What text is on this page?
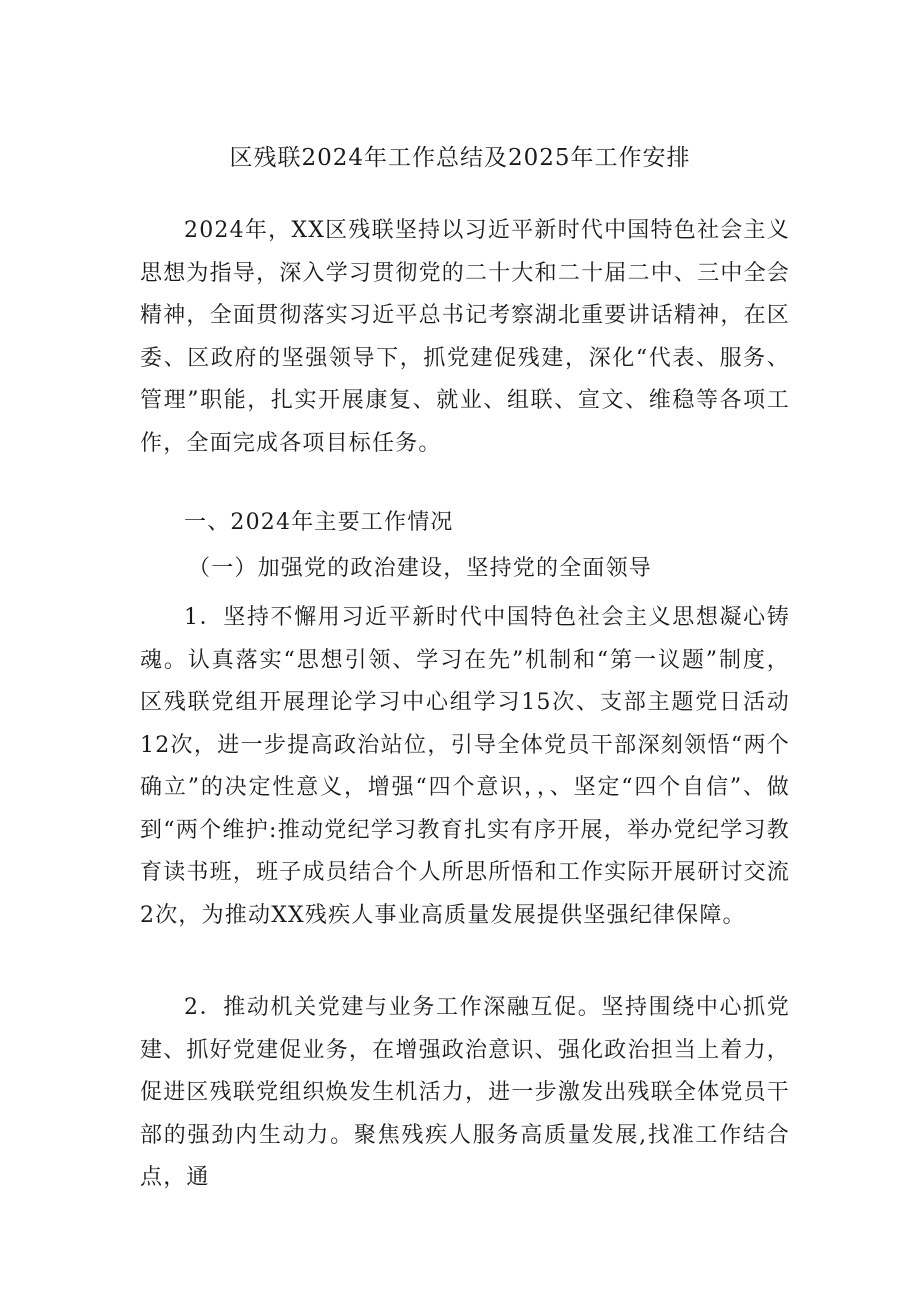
区残联2024年工作总结及2025年工作安排

2024年，XX区残联坚持以习近平新时代中国特色社会主义思想为指导，深入学习贯彻党的二十大和二十届二中、三中全会精神，全面贯彻落实习近平总书记考察湖北重要讲话精神，在区委、区政府的坚强领导下，抓党建促残建，深化“代表、服务、管理”职能，扎实开展康复、就业、组联、宣文、维稳等各项工作，全面完成各项目标任务。

一、2024年主要工作情况
（一）加强党的政治建设，坚持党的全面领导

1．坚持不懈用习近平新时代中国特色社会主义思想凝心铸魂。认真落实“思想引领、学习在先”机制和“第一议题”制度，区残联党组开展理论学习中心组学习15次、支部主题党日活动12次，进一步提高政治站位，引导全体党员干部深刻领悟“两个确立”的决定性意义，增强“四个意识，，、坚定“四个自信”、做到“两个维护:推动党纪学习教育扎实有序开展，举办党纪学习教育读书班，班子成员结合个人所思所悟和工作实际开展研讨交流2次，为推动XX残疾人事业高质量发展提供坚强纪律保障。

2．推动机关党建与业务工作深融互促。坚持围绕中心抓党建、抓好党建促业务，在增强政治意识、强化政治担当上着力，促进区残联党组织焕发生机活力，进一步激发出残联全体党员干部的强劲内生动力。聚焦残疾人服务高质量发展,找准工作结合点，通
